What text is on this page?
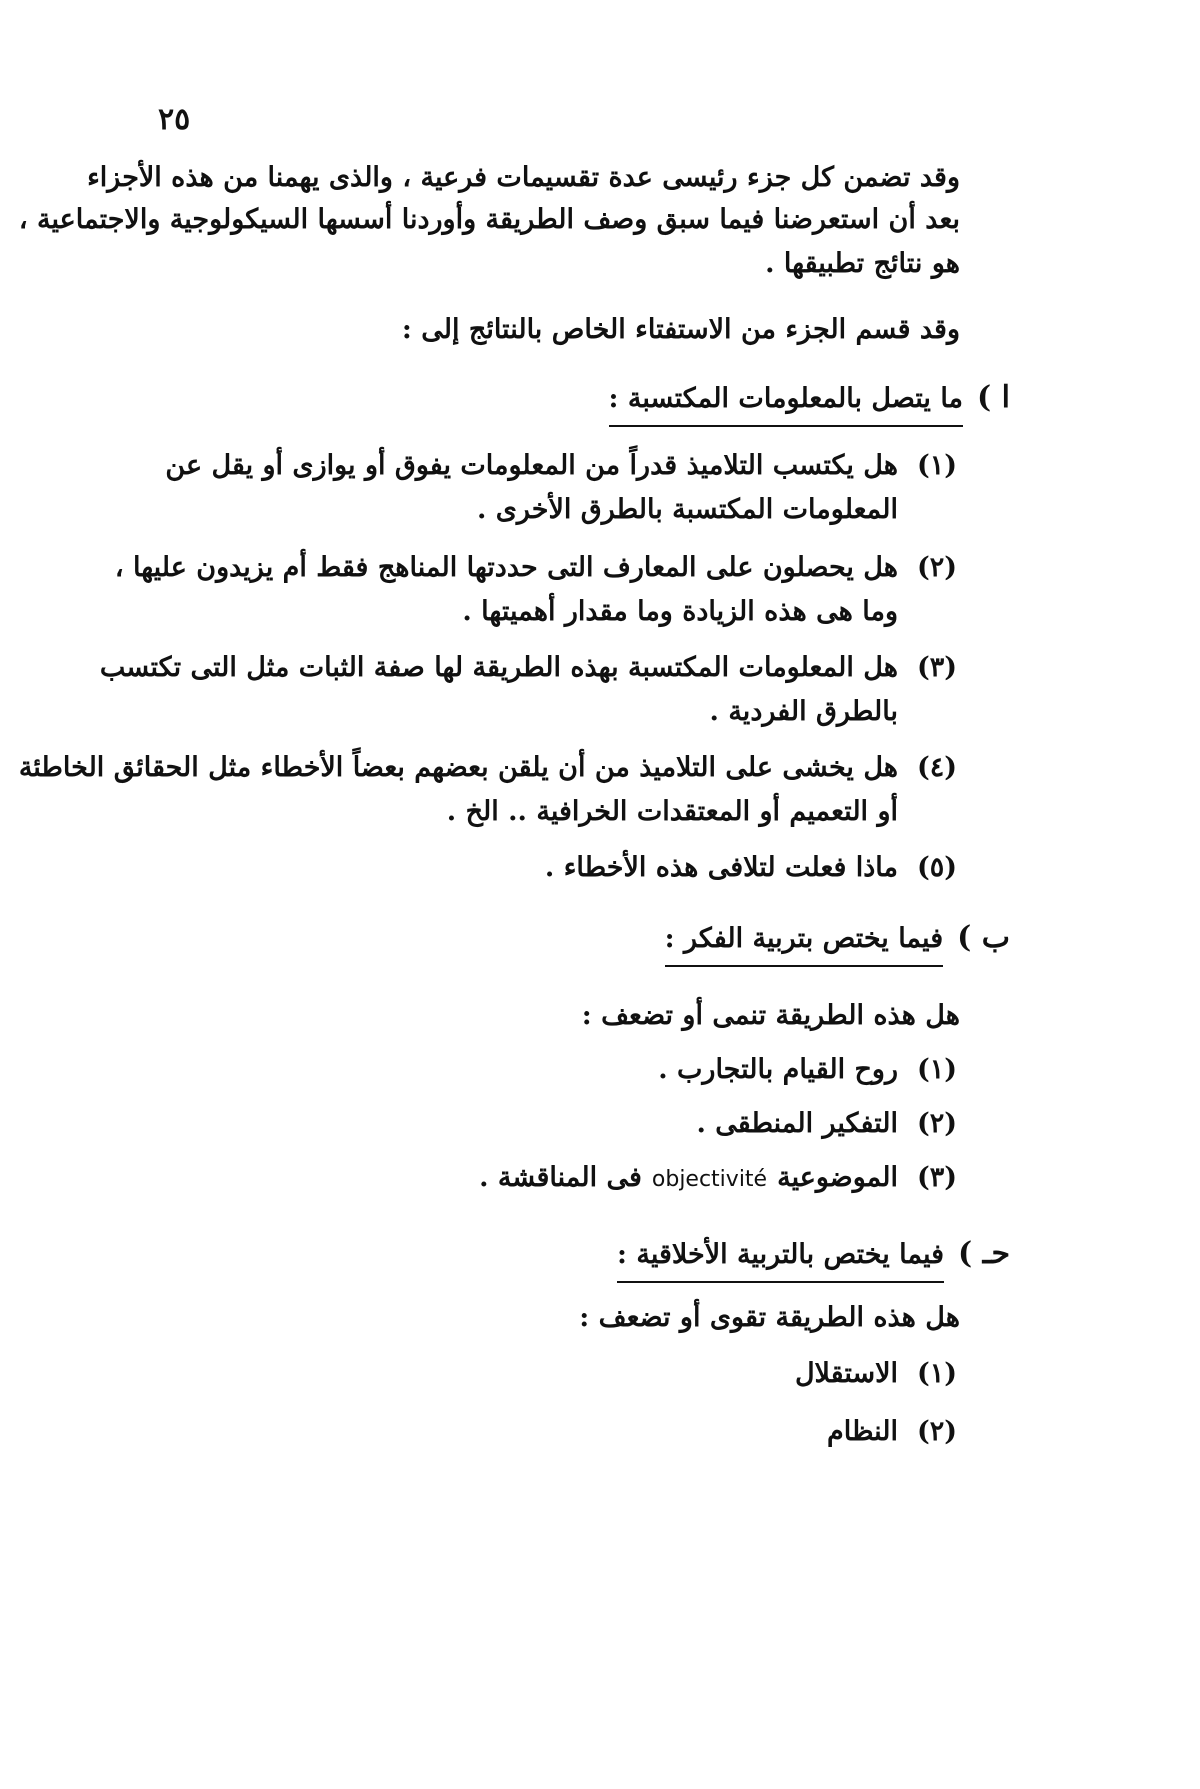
٢٥
وقد تضمن كل جزء رئيسى عدة تقسيمات فرعية ، والذى يهمنا من هذه الأجزاء
بعد أن استعرضنا فيما سبق وصف الطريقة وأوردنا أسسها السيكولوجية والاجتماعية ،
هو نتائج تطبيقها .
وقد قسم الجزء من الاستفتاء الخاص بالنتائج إلى :
ا )ما يتصل بالمعلومات المكتسبة :
(١)هل يكتسب التلاميذ قدراً من المعلومات يفوق أو يوازى أو يقل عن
المعلومات المكتسبة بالطرق الأخرى .
(٢)هل يحصلون على المعارف التى حددتها المناهج فقط أم يزيدون عليها ،
وما هى هذه الزيادة وما مقدار أهميتها .
(٣)هل المعلومات المكتسبة بهذه الطريقة لها صفة الثبات مثل التى تكتسب
بالطرق الفردية .
(٤)هل يخشى على التلاميذ من أن يلقن بعضهم بعضاً الأخطاء مثل الحقائق الخاطئة
أو التعميم أو المعتقدات الخرافية .. الخ .
(٥)ماذا فعلت لتلافى هذه الأخطاء .
ب )فيما يختص بتربية الفكر :
هل هذه الطريقة تنمى أو تضعف :
(١)روح القيام بالتجارب .
(٢)التفكير المنطقى .
(٣)الموضوعيةobjectivitéفى المناقشة .
حـ )فيما يختص بالتربية الأخلاقية :
هل هذه الطريقة تقوى أو تضعف :
(١)الاستقلال
(٢)النظام
